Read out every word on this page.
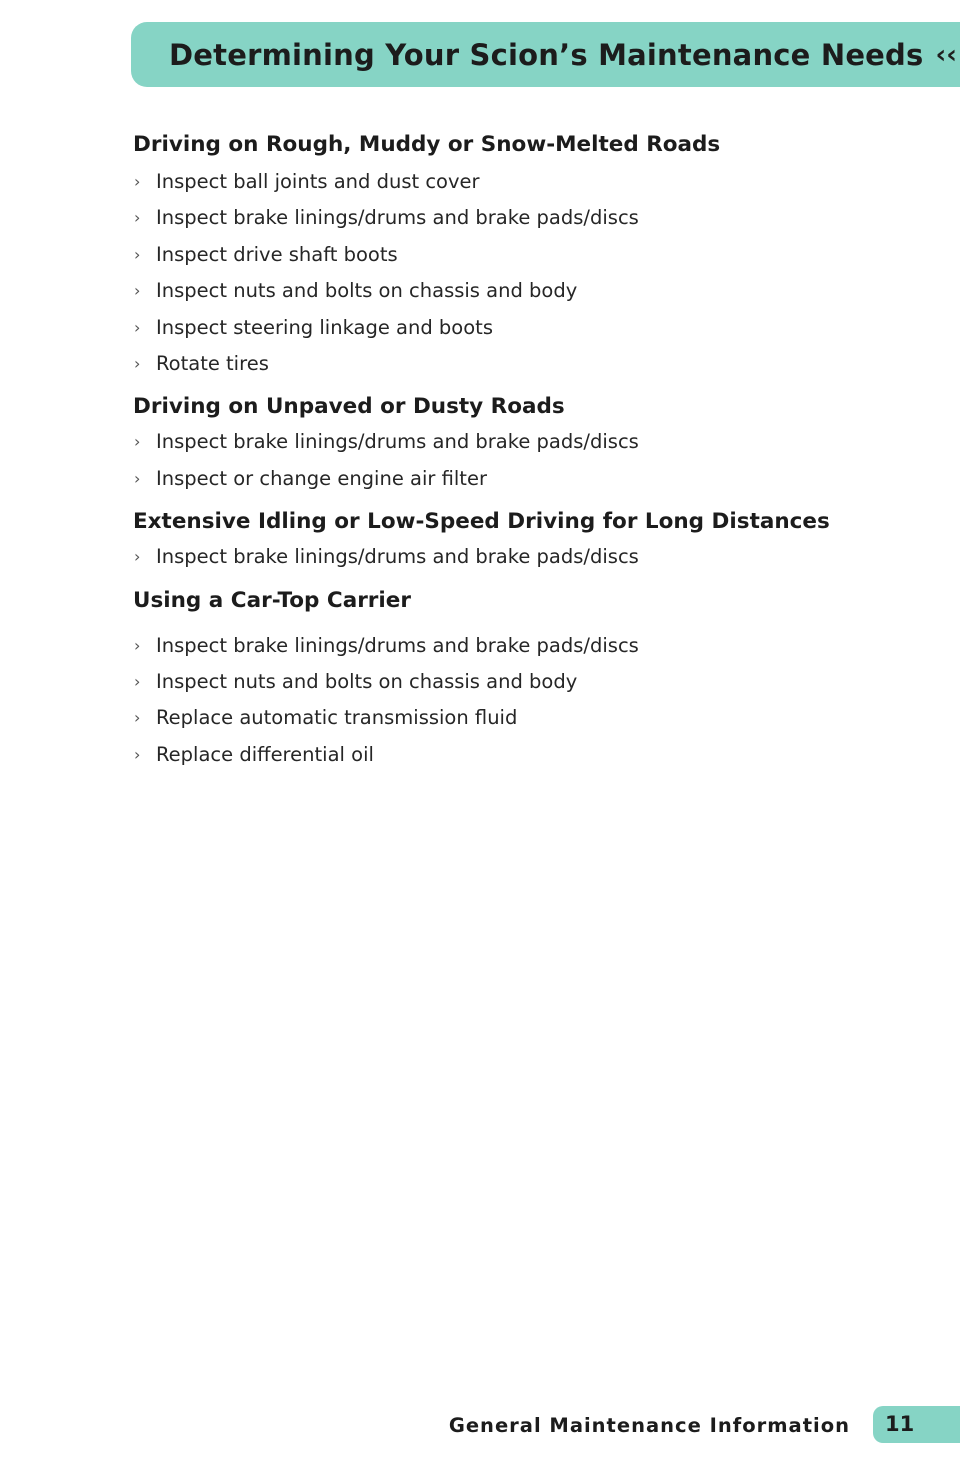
Determining Your Scion’s Maintenance Needs ‹‹
Driving on Rough, Muddy or Snow-Melted Roads
› Inspect ball joints and dust cover
› Inspect brake linings/drums and brake pads/discs
› Inspect drive shaft boots
› Inspect nuts and bolts on chassis and body
› Inspect steering linkage and boots
› Rotate tires
Driving on Unpaved or Dusty Roads
› Inspect brake linings/drums and brake pads/discs
› Inspect or change engine air filter
Extensive Idling or Low-Speed Driving for Long Distances
› Inspect brake linings/drums and brake pads/discs
Using a Car-Top Carrier
› Inspect brake linings/drums and brake pads/discs
› Inspect nuts and bolts on chassis and body
› Replace automatic transmission fluid
› Replace differential oil
General Maintenance Information 11
